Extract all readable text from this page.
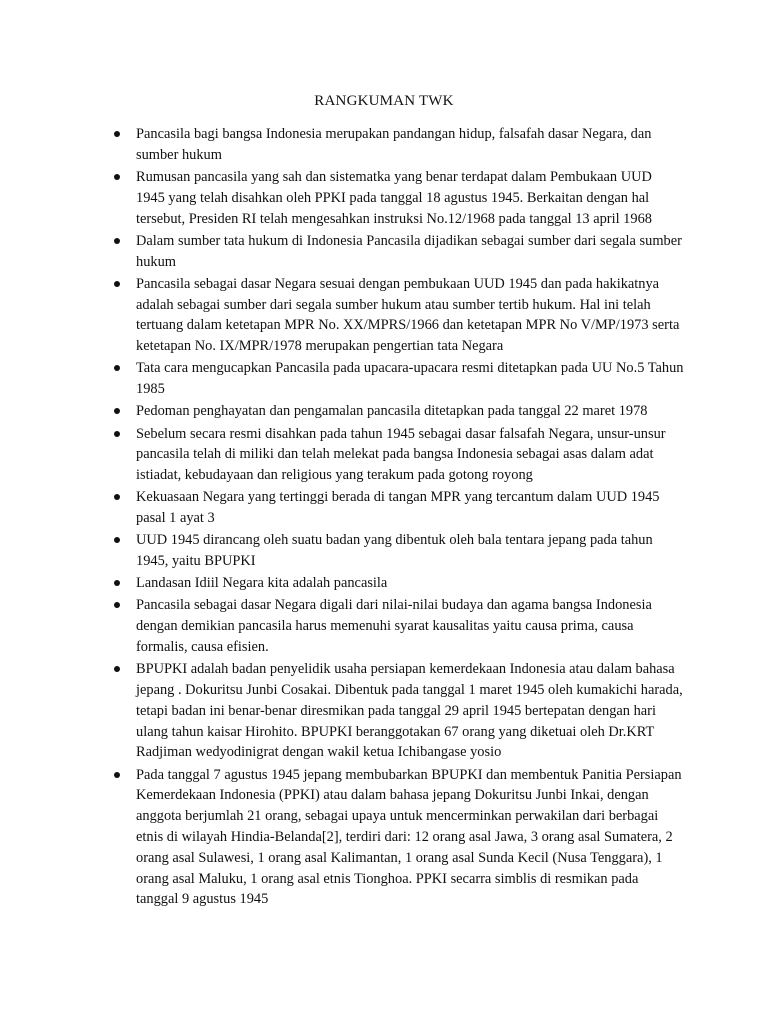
RANGKUMAN TWK
Pancasila bagi bangsa Indonesia merupakan pandangan hidup, falsafah dasar Negara, dan sumber hukum
Rumusan pancasila yang sah dan sistematka yang benar terdapat dalam Pembukaan UUD 1945 yang telah disahkan oleh PPKI pada tanggal 18 agustus 1945. Berkaitan dengan hal tersebut, Presiden RI telah mengesahkan instruksi No.12/1968 pada tanggal 13 april 1968
Dalam sumber tata hukum di Indonesia Pancasila dijadikan sebagai sumber dari segala sumber hukum
Pancasila sebagai dasar Negara sesuai dengan pembukaan UUD 1945 dan pada hakikatnya adalah sebagai sumber dari segala sumber hukum atau sumber tertib hukum. Hal ini telah tertuang dalam ketetapan MPR No. XX/MPRS/1966 dan ketetapan MPR No V/MP/1973 serta ketetapan No. IX/MPR/1978 merupakan pengertian tata Negara
Tata cara mengucapkan Pancasila pada upacara-upacara resmi ditetapkan pada UU No.5 Tahun 1985
Pedoman penghayatan dan pengamalan pancasila ditetapkan pada tanggal 22 maret 1978
Sebelum secara resmi disahkan pada tahun 1945 sebagai dasar falsafah Negara, unsur-unsur pancasila telah di miliki dan telah melekat pada bangsa Indonesia sebagai asas dalam adat istiadat, kebudayaan dan religious yang terakum pada gotong royong
Kekuasaan Negara yang tertinggi berada di tangan MPR yang tercantum dalam UUD 1945 pasal 1 ayat 3
UUD 1945 dirancang oleh suatu badan yang dibentuk oleh bala tentara jepang pada tahun 1945, yaitu BPUPKI
Landasan Idiil Negara kita adalah pancasila
Pancasila sebagai dasar Negara digali dari nilai-nilai budaya dan agama bangsa Indonesia dengan demikian pancasila harus memenuhi syarat kausalitas yaitu causa prima, causa formalis, causa efisien.
BPUPKI adalah badan penyelidik usaha persiapan kemerdekaan Indonesia atau dalam bahasa jepang . Dokuritsu Junbi Cosakai. Dibentuk pada tanggal 1 maret 1945 oleh kumakichi harada, tetapi badan ini benar-benar diresmikan pada tanggal 29 april 1945 bertepatan dengan hari ulang tahun kaisar Hirohito. BPUPKI beranggotakan 67 orang yang diketuai oleh Dr.KRT Radjiman wedyodinigrat dengan wakil ketua Ichibangase yosio
Pada tanggal 7 agustus 1945 jepang membubarkan BPUPKI dan membentuk Panitia Persiapan Kemerdekaan Indonesia (PPKI) atau dalam bahasa jepang Dokuritsu Junbi Inkai, dengan anggota berjumlah 21 orang, sebagai upaya untuk mencerminkan perwakilan dari berbagai etnis di wilayah Hindia-Belanda[2], terdiri dari: 12 orang asal Jawa, 3 orang asal Sumatera, 2 orang asal Sulawesi, 1 orang asal Kalimantan, 1 orang asal Sunda Kecil (Nusa Tenggara), 1 orang asal Maluku, 1 orang asal etnis Tionghoa. PPKI secarra simblis di resmikan pada tanggal 9 agustus 1945
